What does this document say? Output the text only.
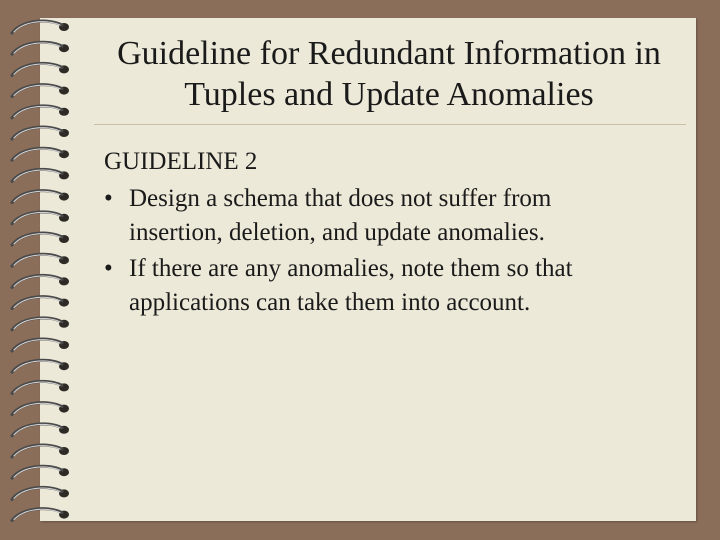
Guideline for Redundant Information in
Tuples and Update Anomalies
GUIDELINE 2
• Design a schema that does not suffer from
insertion, deletion, and update anomalies.
• If there are any anomalies, note them so that
applications can take them into account.
